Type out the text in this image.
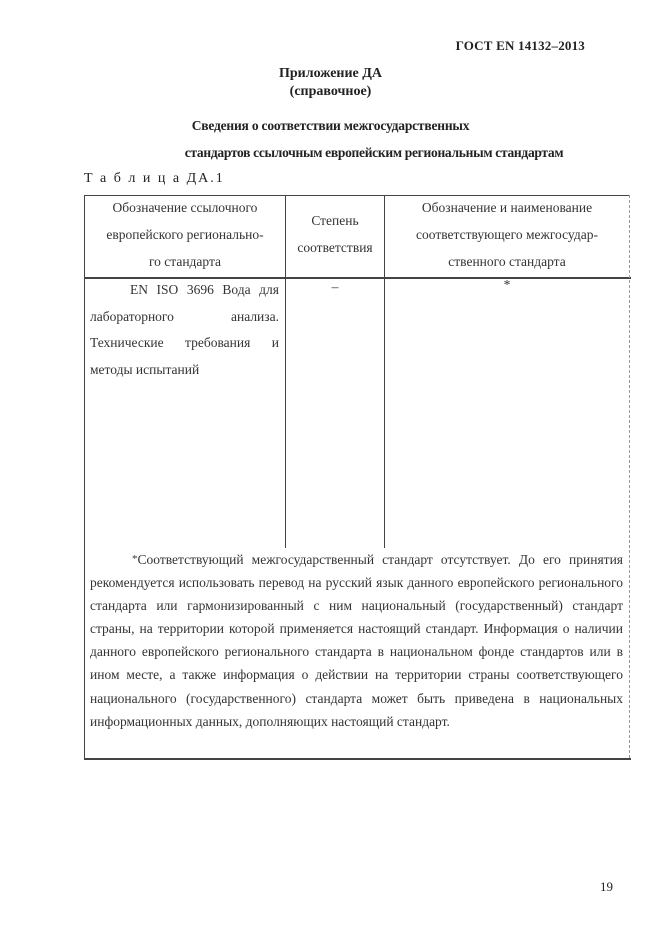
ГОСТ EN 14132–2013
Приложение ДА
(справочное)
Сведения о соответствии межгосударственных
стандартов ссылочным европейским региональным стандартам
Т а б л и ц а ДА.1
Обозначение ссылочного
европейского регионально-
го стандарта
Степень
соответствия
Обозначение и наименование
соответствующего межгосудар-
ственного стандарта
EN ISO 3696 Вода для лабораторного анализа. Технические требования и методы испытаний
–	*
*Соответствующий межгосударственный стандарт отсутствует. До его принятия рекомендуется использовать перевод на русский язык данного европейского регионального стандарта или гармонизированный с ним национальный (государственный) стандарт страны, на территории которой применяется настоящий стандарт. Информация о наличии данного европейского регионального стандарта в национальном фонде стандартов или в ином месте, а также информация о действии на территории страны соответствующего национального (государственного) стандарта может быть приведена в национальных информационных данных, дополняющих настоящий стандарт.
19
